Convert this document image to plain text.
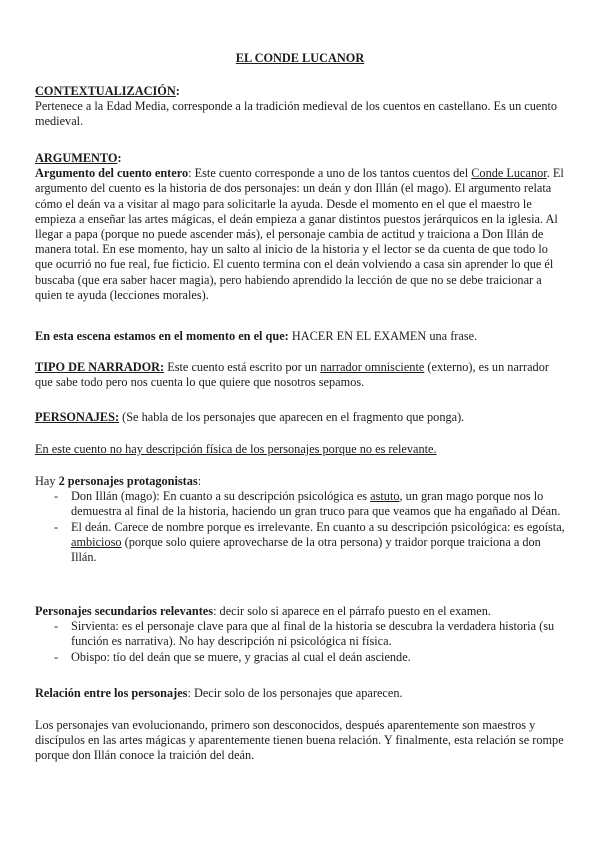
EL CONDE LUCANOR
CONTEXTUALIZACIÓN:
Pertenece a la Edad Media, corresponde a la tradición medieval de los cuentos en castellano. Es un cuento medieval.
ARGUMENTO:
Argumento del cuento entero: Este cuento corresponde a uno de los tantos cuentos del Conde Lucanor. El argumento del cuento es la historia de dos personajes: un deán y don Illán (el mago). El argumento relata cómo el deán va a visitar al mago para solicitarle la ayuda. Desde el momento en el que el maestro le empieza a enseñar las artes mágicas, el deán empieza a ganar distintos puestos jerárquicos en la iglesia. Al llegar a papa (porque no puede ascender más), el personaje cambia de actitud y traiciona a Don Illán de manera total. En ese momento, hay un salto al inicio de la historia y el lector se da cuenta de que todo lo que ocurrió no fue real, fue ficticio. El cuento termina con el deán volviendo a casa sin aprender lo que él buscaba (que era saber hacer magia), pero habiendo aprendido la lección de que no se debe traicionar a quien te ayuda (lecciones morales).
En esta escena estamos en el momento en el que: HACER EN EL EXAMEN una frase.
TIPO DE NARRADOR: Este cuento está escrito por un narrador omnisciente (externo), es un narrador que sabe todo pero nos cuenta lo que quiere que nosotros sepamos.
PERSONAJES: (Se habla de los personajes que aparecen en el fragmento que ponga).
En este cuento no hay descripción física de los personajes porque no es relevante.
Hay 2 personajes protagonistas:
- Don Illán (mago): En cuanto a su descripción psicológica es astuto, un gran mago porque nos lo demuestra al final de la historia, haciendo un gran truco para que veamos que ha engañado al Déan.
- El deán. Carece de nombre porque es irrelevante. En cuanto a su descripción psicológica: es egoísta, ambicioso (porque solo quiere aprovecharse de la otra persona) y traidor porque traiciona a don Illán.
Personajes secundarios relevantes: decir solo si aparece en el párrafo puesto en el examen.
- Sirvienta: es el personaje clave para que al final de la historia se descubra la verdadera historia (su función es narrativa). No hay descripción ni psicológica ni física.
- Obispo: tío del deán que se muere, y gracias al cual el deán asciende.
Relación entre los personajes: Decir solo de los personajes que aparecen.
Los personajes van evolucionando, primero son desconocidos, después aparentemente son maestros y discípulos en las artes mágicas y aparentemente tienen buena relación. Y finalmente, esta relación se rompe porque don Illán conoce la traición del deán.
